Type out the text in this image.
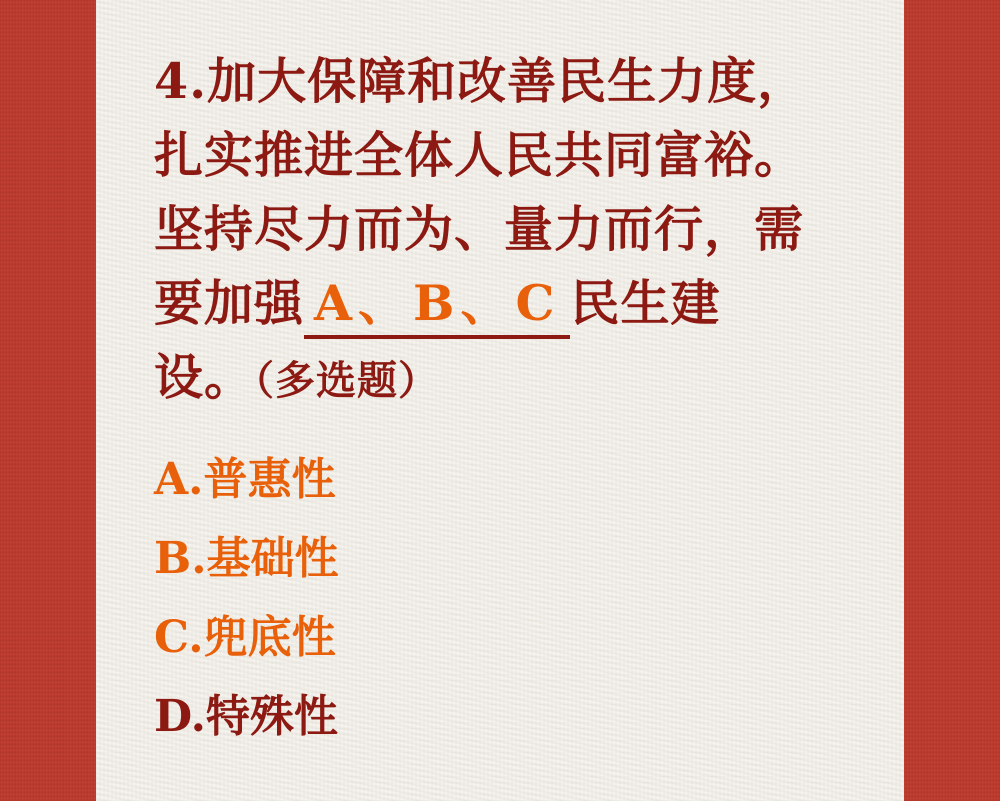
4.加大保障和改善民生力度，
扎实推进全体人民共同富裕。
坚持尽力而为、量力而行，需
要加强 A、B、C 民生建
设。（多选题）
A.普惠性
B.基础性
C.兜底性
D.特殊性
